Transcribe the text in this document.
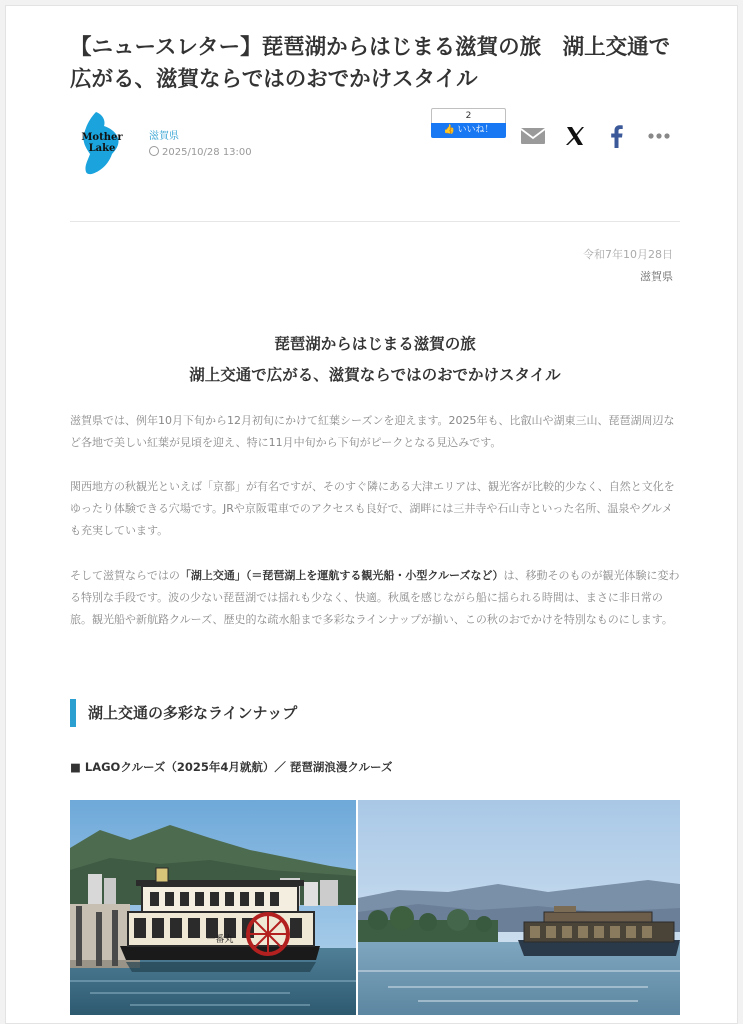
【ニュースレター】琵琶湖からはじまる滋賀の旅　湖上交通で広がる、滋賀ならではのおでかけスタイル
Mother
Lake
滋賀県
2025/10/28 13:00
2
👍 いいね！
令和7年10月28日
滋賀県
琵琶湖からはじまる滋賀の旅
湖上交通で広がる、滋賀ならではのおでかけスタイル

滋賀県では、例年10月下旬から12月初旬にかけて紅葉シーズンを迎えます。2025年も、比叡山や湖東三山、琵琶湖周辺など各地で美しい紅葉が見頃を迎え、特に11月中旬から下旬がピークとなる見込みです。

関西地方の秋観光といえば「京都」が有名ですが、そのすぐ隣にある大津エリアは、観光客が比較的少なく、自然と文化をゆったり体験できる穴場です。JRや京阪電車でのアクセスも良好で、湖畔には三井寺や石山寺といった名所、温泉やグルメも充実しています。

そして滋賀ならではの「湖上交通」（＝琵琶湖上を運航する観光船・小型クルーズなど）は、移動そのものが観光体験に変わる特別な手段です。波の少ない琵琶湖では揺れも少なく、快適。秋風を感じながら船に揺られる時間は、まさに非日常の旅。観光船や新航路クルーズ、歴史的な疏水船まで多彩なラインナップが揃い、この秋のおでかけを特別なものにします。

湖上交通の多彩なラインナップ
■ LAGOクルーズ（2025年4月就航）／ 琵琶湖浪漫クルーズ
一番丸
